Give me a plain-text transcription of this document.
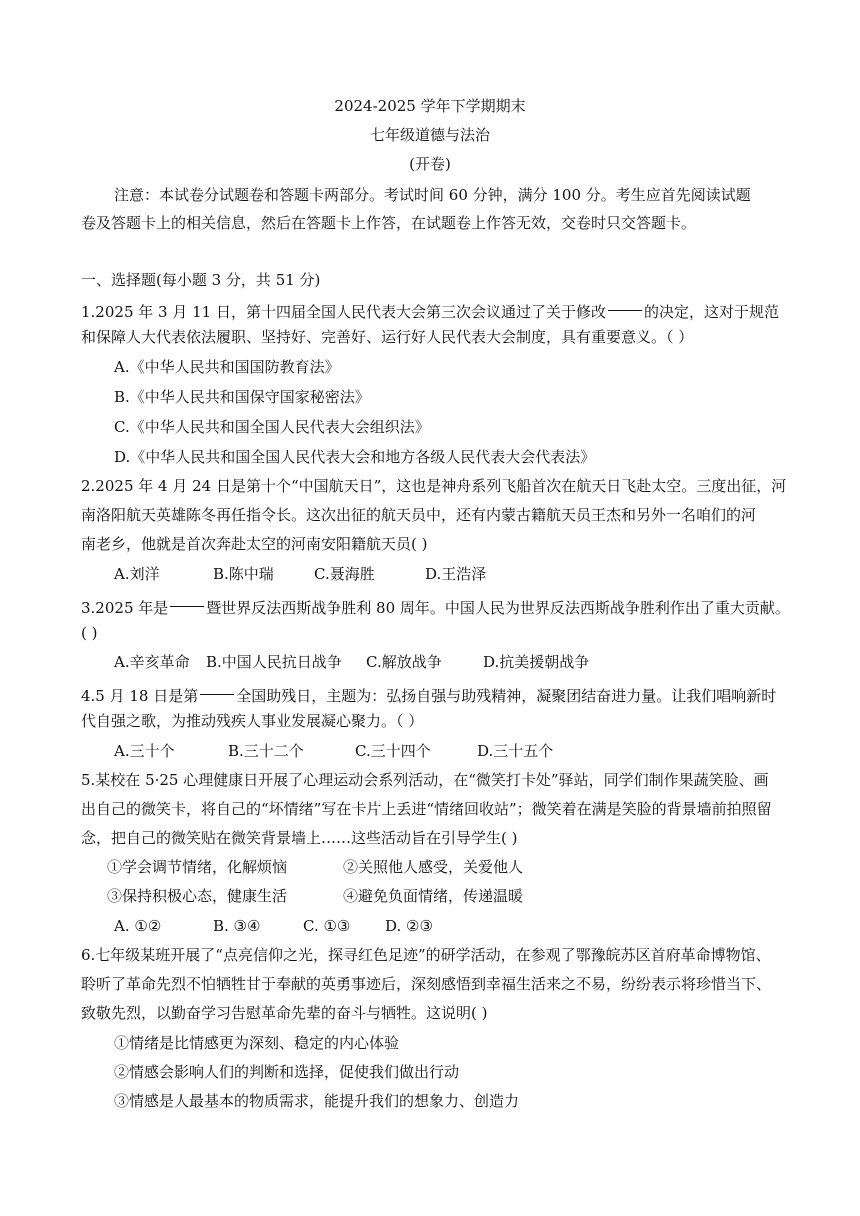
2024-2025 学年下学期期末
七年级道德与法治
(开卷)
注意：本试卷分试题卷和答题卡两部分。考试时间 60 分钟，满分 100 分。考生应首先阅读试题
卷及答题卡上的相关信息，然后在答题卡上作答，在试题卷上作答无效，交卷时只交答题卡。
一、选择题(每小题 3 分，共 51 分)
1.2025 年 3 月 11 日，第十四届全国人民代表大会第三次会议通过了关于修改	的决定，这对于规范
和保障人大代表依法履职、坚持好、完善好、运行好人民代表大会制度，具有重要意义。（ ）
A.《中华人民共和国国防教育法》
B.《中华人民共和国保守国家秘密法》
C.《中华人民共和国全国人民代表大会组织法》
D.《中华人民共和国全国人民代表大会和地方各级人民代表大会代表法》
2.2025 年 4 月 24 日是第十个“中国航天日”，这也是神舟系列飞船首次在航天日飞赴太空。三度出征，河
南洛阳航天英雄陈冬再任指令长。这次出征的航天员中，还有内蒙古籍航天员王杰和另外一名咱们的河
南老乡，他就是首次奔赴太空的河南安阳籍航天员( )
A.刘洋	B.陈中瑞	C.聂海胜	D.王浩泽
3.2025 年是	暨世界反法西斯战争胜利 80 周年。中国人民为世界反法西斯战争胜利作出了重大贡献。
( )
A.辛亥革命 B.中国人民抗日战争 C.解放战争	D.抗美援朝战争
4.5 月 18 日是第	全国助残日，主题为：弘扬自强与助残精神，凝聚团结奋进力量。让我们唱响新时
代自强之歌，为推动残疾人事业发展凝心聚力。（ ）
A.三十个	B.三十二个	C.三十四个	D.三十五个
5.某校在 5·25 心理健康日开展了心理运动会系列活动，在“微笑打卡处”驿站，同学们制作果蔬笑脸、画
出自己的微笑卡，将自己的“坏情绪”写在卡片上丢进“情绪回收站”；微笑着在满是笑脸的背景墙前拍照留
念，把自己的微笑贴在微笑背景墙上……这些活动旨在引导学生( )
①学会调节情绪，化解烦恼	②关照他人感受，关爱他人
③保持积极心态，健康生活	④避免负面情绪，传递温暖
A. ①②	B. ③④	C. ①③ D. ②③
6.七年级某班开展了“点亮信仰之光，探寻红色足迹”的研学活动，在参观了鄂豫皖苏区首府革命博物馆、
聆听了革命先烈不怕牺牲甘于奉献的英勇事迹后，深刻感悟到幸福生活来之不易，纷纷表示将珍惜当下、
致敬先烈，以勤奋学习告慰革命先辈的奋斗与牺牲。这说明( )
①情绪是比情感更为深刻、稳定的内心体验
②情感会影响人们的判断和选择，促使我们做出行动
③情感是人最基本的物质需求，能提升我们的想象力、创造力
